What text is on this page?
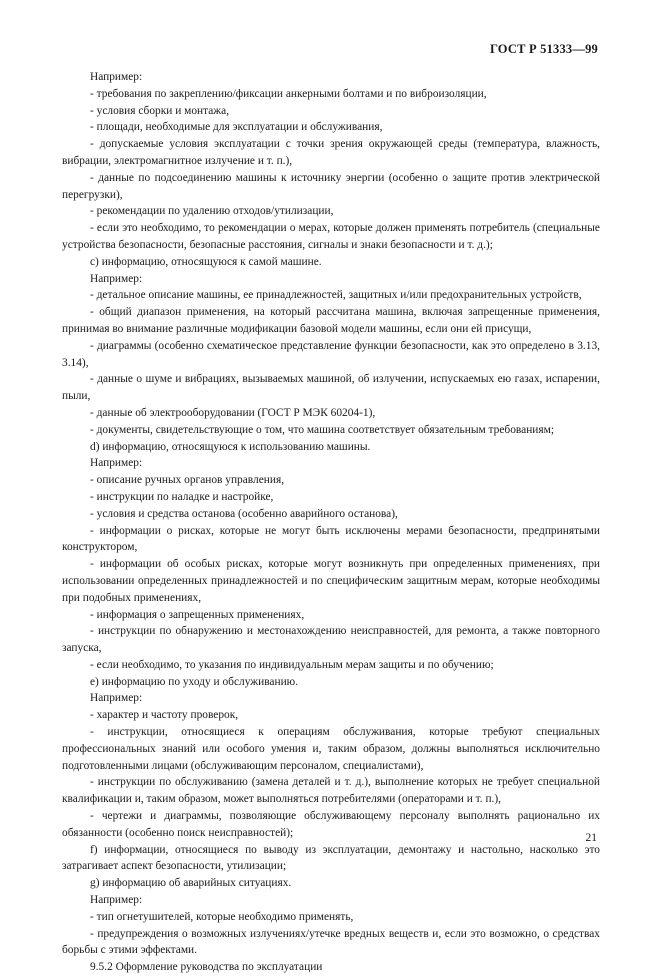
ГОСТ Р 51333—99

Например:

- требования по закреплению/фиксации анкерными болтами и по виброизоляции,

- условия сборки и монтажа,

- площади, необходимые для эксплуатации и обслуживания,

- допускаемые условия эксплуатации с точки зрения окружающей среды (температура, влажность, вибрации, электромагнитное излучение и т. п.),

- данные по подсоединению машины к источнику энергии (особенно о защите против электрической перегрузки),

- рекомендации по удалению отходов/утилизации,

- если это необходимо, то рекомендации о мерах, которые должен применять потребитель (специальные устройства безопасности, безопасные расстояния, сигналы и знаки безопасности и т. д.);

c) информацию, относящуюся к самой машине.

Например:

- детальное описание машины, ее принадлежностей, защитных и/или предохранительных устройств,

- общий диапазон применения, на который рассчитана машина, включая запрещенные применения, принимая во внимание различные модификации базовой модели машины, если они ей присущи,

- диаграммы (особенно схематическое представление функции безопасности, как это определено в 3.13, 3.14),

- данные о шуме и вибрациях, вызываемых машиной, об излучении, испускаемых ею газах, испарении, пыли,

- данные об электрооборудовании (ГОСТ Р МЭК 60204-1),

- документы, свидетельствующие о том, что машина соответствует обязательным требованиям;

d) информацию, относящуюся к использованию машины.

Например:

- описание ручных органов управления,

- инструкции по наладке и настройке,

- условия и средства останова (особенно аварийного останова),

- информации о рисках, которые не могут быть исключены мерами безопасности, предпринятыми конструктором,

- информации об особых рисках, которые могут возникнуть при определенных применениях, при использовании определенных принадлежностей и по специфическим защитным мерам, которые необходимы при подобных применениях,

- информация о запрещенных применениях,

- инструкции по обнаружению и местонахождению неисправностей, для ремонта, а также повторного запуска,

- если необходимо, то указания по индивидуальным мерам защиты и по обучению;

e) информацию по уходу и обслуживанию.

Например:

- характер и частоту проверок,

- инструкции, относящиеся к операциям обслуживания, которые требуют специальных профессиональных знаний или особого умения и, таким образом, должны выполняться исключительно подготовленными лицами (обслуживающим персоналом, специалистами),

- инструкции по обслуживанию (замена деталей и т. д.), выполнение которых не требует специальной квалификации и, таким образом, может выполняться потребителями (операторами и т. п.),

- чертежи и диаграммы, позволяющие обслуживающему персоналу выполнять рационально их обязанности (особенно поиск неисправностей);

f) информации, относящиеся по выводу из эксплуатации, демонтажу и настольно, насколько это затрагивает аспект безопасности, утилизации;

g) информацию об аварийных ситуациях.

Например:

- тип огнетушителей, которые необходимо применять,

- предупреждения о возможных излучениях/утечке вредных веществ и, если это возможно, о средствах борьбы с этими эффектами.

9.5.2 Оформление руководства по эксплуатации

21
